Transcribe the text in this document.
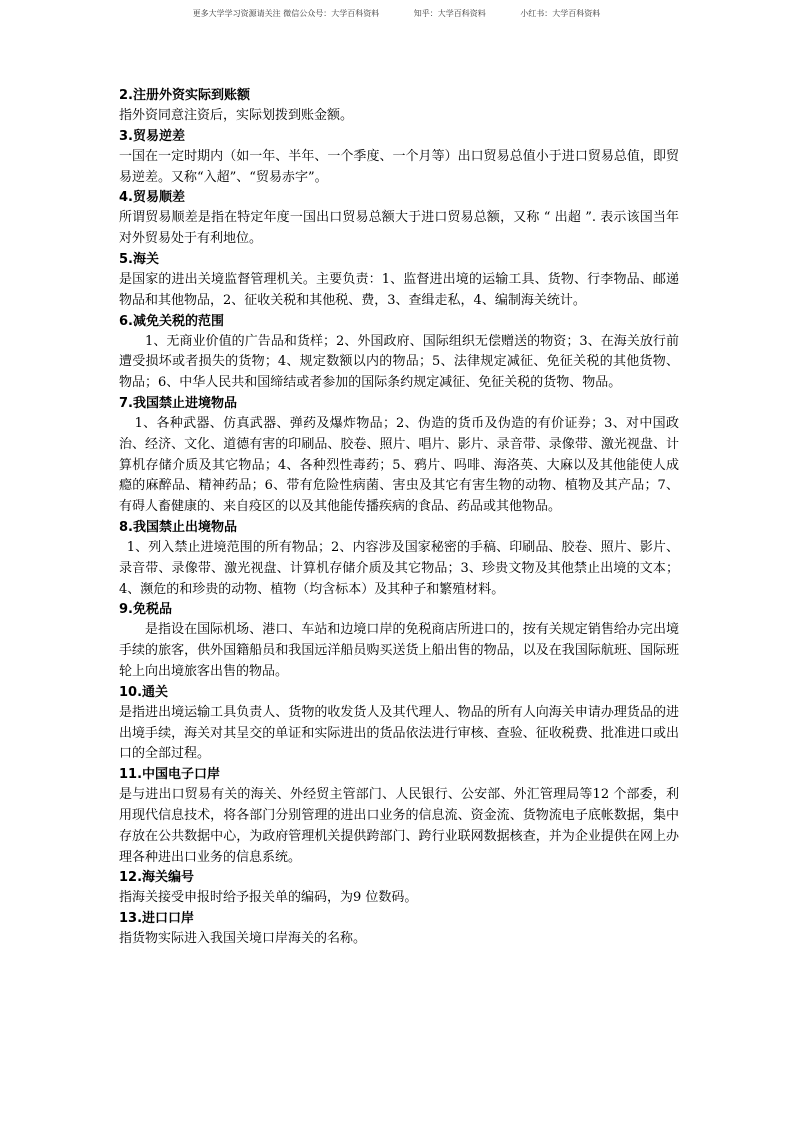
更多大学学习资源请关注 微信公众号：大学百科资料	知乎：大学百科资料	小红书：大学百科资料

2.注册外资实际到账额

指外资同意注资后，实际划拨到账金额。

3.贸易逆差

一国在一定时期内（如一年、半年、一个季度、一个月等）出口贸易总值小于进口贸易总值，即贸易逆差。又称“入超”、“贸易赤字”。

4.贸易顺差

所谓贸易顺差是指在特定年度一国出口贸易总额大于进口贸易总额，又称 “ 出超 ”. 表示该国当年对外贸易处于有利地位。

5.海关

是国家的进出关境监督管理机关。主要负责：1、监督进出境的运输工具、货物、行李物品、邮递物品和其他物品，2、征收关税和其他税、费，3、查缉走私，4、编制海关统计。

6.减免关税的范围

1、无商业价值的广告品和货样；2、外国政府、国际组织无偿赠送的物资；3、在海关放行前遭受损坏或者损失的货物；4、规定数额以内的物品；5、法律规定减征、免征关税的其他货物、物品；6、中华人民共和国缔结或者参加的国际条约规定减征、免征关税的货物、物品。

7.我国禁止进境物品

1、各种武器、仿真武器、弹药及爆炸物品；2、伪造的货币及伪造的有价证券；3、对中国政治、经济、文化、道德有害的印刷品、胶卷、照片、唱片、影片、录音带、录像带、激光视盘、计算机存储介质及其它物品；4、各种烈性毒药；5、鸦片、吗啡、海洛英、大麻以及其他能使人成瘾的麻醉品、精神药品；6、带有危险性病菌、害虫及其它有害生物的动物、植物及其产品；7、有碍人畜健康的、来自疫区的以及其他能传播疾病的食品、药品或其他物品。

8.我国禁止出境物品

1、列入禁止进境范围的所有物品；2、内容涉及国家秘密的手稿、印刷品、胶卷、照片、影片、录音带、录像带、激光视盘、计算机存储介质及其它物品；3、珍贵文物及其他禁止出境的文本；4、濒危的和珍贵的动物、植物（均含标本）及其种子和繁殖材料。

9.免税品

是指设在国际机场、港口、车站和边境口岸的免税商店所进口的，按有关规定销售给办完出境手续的旅客，供外国籍船员和我国远洋船员购买送货上船出售的物品，以及在我国际航班、国际班轮上向出境旅客出售的物品。

10.通关

是指进出境运输工具负责人、货物的收发货人及其代理人、物品的所有人向海关申请办理货品的进出境手续，海关对其呈交的单证和实际进出的货品依法进行审核、查验、征收税费、批准进口或出口的全部过程。

11.中国电子口岸

是与进出口贸易有关的海关、外经贸主管部门、人民银行、公安部、外汇管理局等12 个部委，利用现代信息技术，将各部门分别管理的进出口业务的信息流、资金流、货物流电子底帐数据，集中存放在公共数据中心，为政府管理机关提供跨部门、跨行业联网数据核查，并为企业提供在网上办理各种进出口业务的信息系统。

12.海关编号

指海关接受申报时给予报关单的编码，为9 位数码。

13.进口口岸

指货物实际进入我国关境口岸海关的名称。
